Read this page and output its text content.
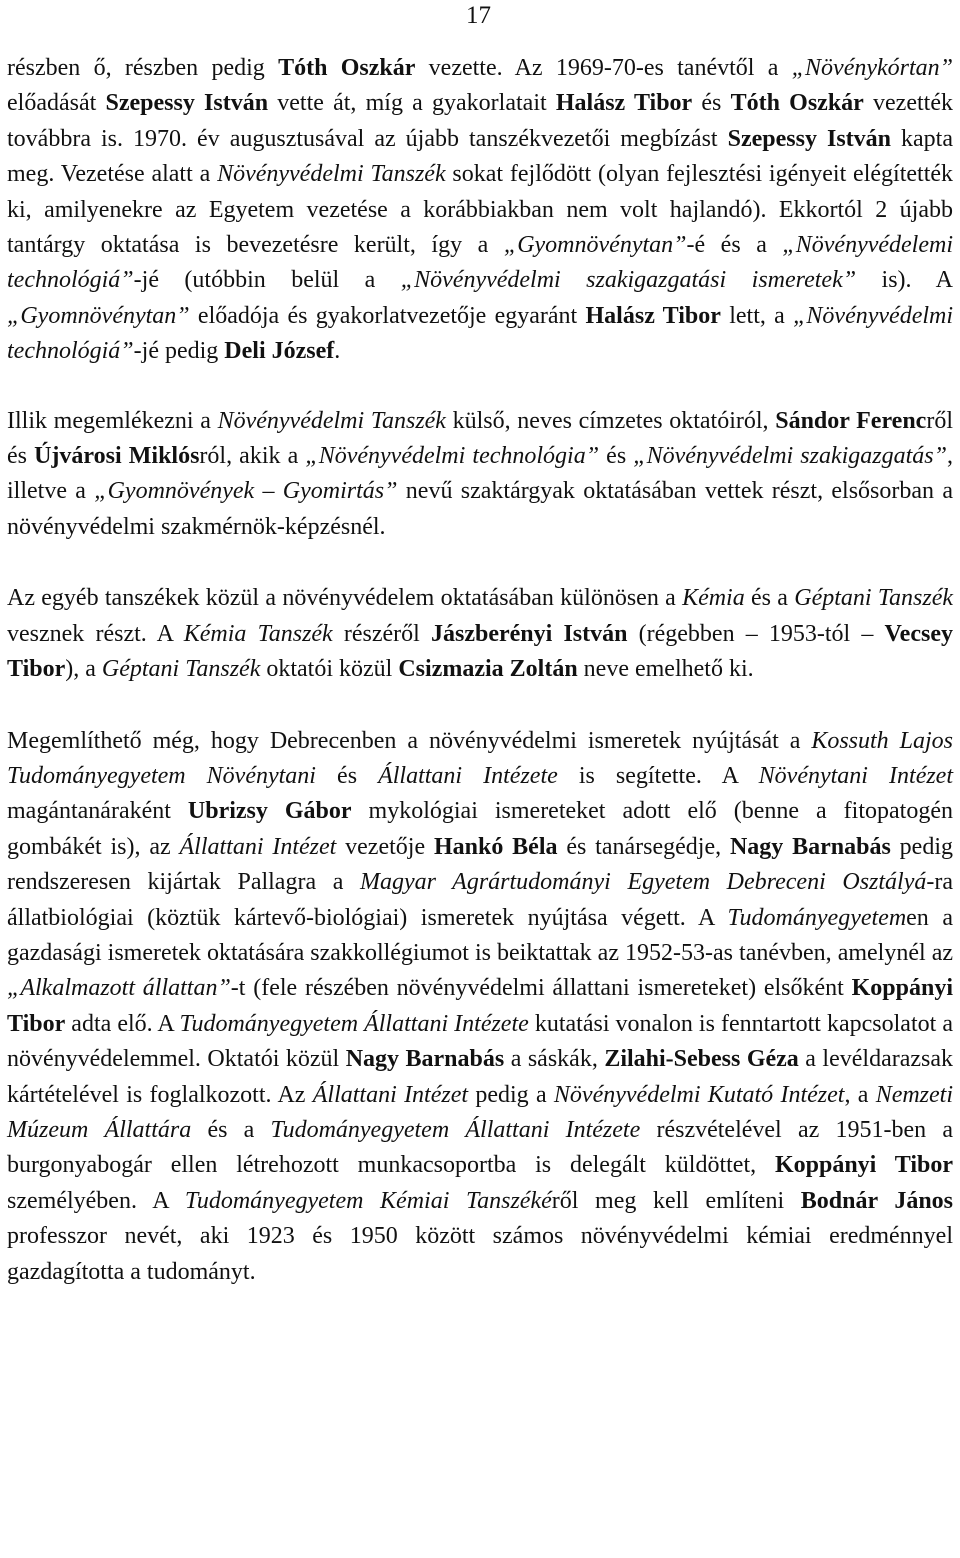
17

részben ő, részben pedig Tóth Oszkár vezette. Az 1969-70-es tanévtől a „Növénykórtan” előadását Szepessy István vette át, míg a gyakorlatait Halász Tibor és Tóth Oszkár vezették továbbra is. 1970. év augusztusával az újabb tanszékvezetői megbízást Szepessy István kapta meg. Vezetése alatt a Növényvédelmi Tanszék sokat fejlődött (olyan fejlesztési igényeit elégítették ki, amilyenekre az Egyetem vezetése a korábbiakban nem volt hajlandó). Ekkortól 2 újabb tantárgy oktatása is bevezetésre került, így a „Gyomnövénytan”-é és a „Növényvédelemi technológiá”-jé (utóbbin belül a „Növényvédelmi szakigazgatási ismeretek” is). A „Gyomnövénytan” előadója és gyakorlatvezetője egyaránt Halász Tibor lett, a „Növényvédelmi technológiá”-jé pedig Deli József.

Illik megemlékezni a Növényvédelmi Tanszék külső, neves címzetes oktatóiról, Sándor Ferencről és Újvárosi Miklósról, akik a „Növényvédelmi technológia” és „Növényvédelmi szakigazgatás”, illetve a „Gyomnövények – Gyomirtás” nevű szaktárgyak oktatásában vettek részt, elsősorban a növényvédelmi szakmérnök-képzésnél.

Az egyéb tanszékek közül a növényvédelem oktatásában különösen a Kémia és a Géptani Tanszék vesznek részt. A Kémia Tanszék részéről Jászberényi István (régebben – 1953-tól – Vecsey Tibor), a Géptani Tanszék oktatói közül Csizmazia Zoltán neve emelhető ki.

Megemlíthető még, hogy Debrecenben a növényvédelmi ismeretek nyújtását a Kossuth Lajos Tudományegyetem Növénytani és Állattani Intézete is segítette. A Növénytani Intézet magántanáraként Ubrizsy Gábor mykológiai ismereteket adott elő (benne a fitopatogén gombákét is), az Állattani Intézet vezetője Hankó Béla és tanársegédje, Nagy Barnabás pedig rendszeresen kijártak Pallagra a Magyar Agrártudományi Egyetem Debreceni Osztályá-ra állatbiológiai (köztük kártevő-biológiai) ismeretek nyújtása végett. A Tudományegyetemen a gazdasági ismeretek oktatására szakkollégiumot is beiktattak az 1952-53-as tanévben, amelynél az „Alkalmazott állattan”-t (fele részében növényvédelmi állattani ismereteket) elsőként Koppányi Tibor adta elő. A Tudományegyetem Állattani Intézete kutatási vonalon is fenntartott kapcsolatot a növényvédelemmel. Oktatói közül Nagy Barnabás a sáskák, Zilahi-Sebess Géza a levéldarazsak kártételével is foglalkozott. Az Állattani Intézet pedig a Növényvédelmi Kutató Intézet, a Nemzeti Múzeum Állattára és a Tudományegyetem Állattani Intézete részvételével az 1951-ben a burgonyabogár ellen létrehozott munkacsoportba is delegált küldöttet, Koppányi Tibor személyében. A Tudományegyetem Kémiai Tanszékéről meg kell említeni Bodnár János professzor nevét, aki 1923 és 1950 között számos növényvédelmi kémiai eredménnyel gazdagította a tudományt.
